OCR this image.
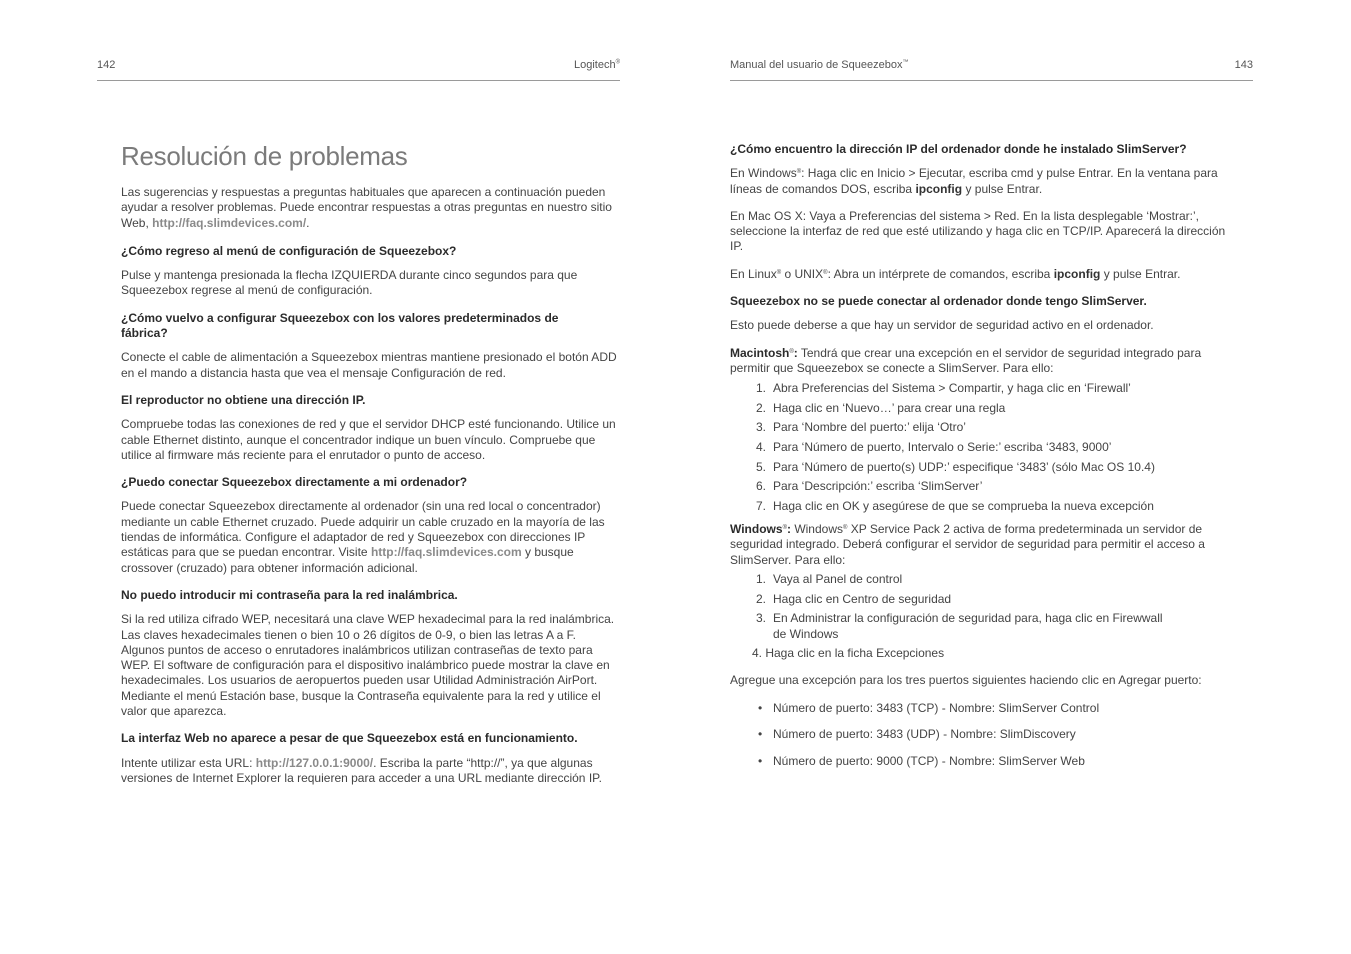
142	Logitech®
Resolución de problemas

Las sugerencias y respuestas a preguntas habituales que aparecen a continuación pueden ayudar a resolver problemas. Puede encontrar respuestas a otras preguntas en nuestro sitio Web, http://faq.slimdevices.com/.

¿Cómo regreso al menú de configuración de Squeezebox?

Pulse y mantenga presionada la flecha IZQUIERDA durante cinco segundos para que Squeezebox regrese al menú de configuración.

¿Cómo vuelvo a configurar Squeezebox con los valores predeterminados de fábrica?

Conecte el cable de alimentación a Squeezebox mientras mantiene presionado el botón ADD en el mando a distancia hasta que vea el mensaje Configuración de red.

El reproductor no obtiene una dirección IP.

Compruebe todas las conexiones de red y que el servidor DHCP esté funcionando. Utilice un cable Ethernet distinto, aunque el concentrador indique un buen vínculo. Compruebe que utilice al firmware más reciente para el enrutador o punto de acceso.

¿Puedo conectar Squeezebox directamente a mi ordenador?

Puede conectar Squeezebox directamente al ordenador (sin una red local o concentrador) mediante un cable Ethernet cruzado. Puede adquirir un cable cruzado en la mayoría de las tiendas de informática. Configure el adaptador de red y Squeezebox con direcciones IP estáticas para que se puedan encontrar. Visite http://faq.slimdevices.com y busque crossover (cruzado) para obtener información adicional.

No puedo introducir mi contraseña para la red inalámbrica.

Si la red utiliza cifrado WEP, necesitará una clave WEP hexadecimal para la red inalámbrica. Las claves hexadecimales tienen o bien 10 o 26 dígitos de 0-9, o bien las letras A a F. Algunos puntos de acceso o enrutadores inalámbricos utilizan contraseñas de texto para WEP. El software de configuración para el dispositivo inalámbrico puede mostrar la clave en hexadecimales. Los usuarios de aeropuertos pueden usar Utilidad Administración AirPort. Mediante el menú Estación base, busque la Contraseña equivalente para la red y utilice el valor que aparezca.

La interfaz Web no aparece a pesar de que Squeezebox está en funcionamiento.

Intente utilizar esta URL: http://127.0.0.1:9000/. Escriba la parte “http://”, ya que algunas versiones de Internet Explorer la requieren para acceder a una URL mediante dirección IP.

Manual del usuario de Squeezebox™	143

¿Cómo encuentro la dirección IP del ordenador donde he instalado SlimServer?

En Windows®: Haga clic en Inicio > Ejecutar, escriba cmd y pulse Entrar. En la ventana para líneas de comandos DOS, escriba ipconfig y pulse Entrar.

En Mac OS X: Vaya a Preferencias del sistema > Red. En la lista desplegable ‘Mostrar:’, seleccione la interfaz de red que esté utilizando y haga clic en TCP/IP. Aparecerá la dirección IP.

En Linux® o UNIX®: Abra un intérprete de comandos, escriba ipconfig y pulse Entrar.

Squeezebox no se puede conectar al ordenador donde tengo SlimServer.

Esto puede deberse a que hay un servidor de seguridad activo en el ordenador.

Macintosh®: Tendrá que crear una excepción en el servidor de seguridad integrado para permitir que Squeezebox se conecte a SlimServer. Para ello:

1. Abra Preferencias del Sistema > Compartir, y haga clic en ‘Firewall’
2. Haga clic en ‘Nuevo…’ para crear una regla
3. Para ‘Nombre del puerto:’ elija ‘Otro’
4. Para ‘Número de puerto, Intervalo o Serie:’ escriba ‘3483, 9000’
5. Para ‘Número de puerto(s) UDP:’ especifique ‘3483’ (sólo Mac OS 10.4)
6. Para ‘Descripción:’ escriba ‘SlimServer’
7. Haga clic en OK y asegúrese de que se comprueba la nueva excepción

Windows®: Windows® XP Service Pack 2 activa de forma predeterminada un servidor de seguridad integrado. Deberá configurar el servidor de seguridad para permitir el acceso a SlimServer. Para ello:

1. Vaya al Panel de control
2. Haga clic en Centro de seguridad
3. En Administrar la configuración de seguridad para, haga clic en Firewwall de Windows

4. Haga clic en la ficha Excepciones

Agregue una excepción para los tres puertos siguientes haciendo clic en Agregar puerto:

• Número de puerto: 3483 (TCP) - Nombre: SlimServer Control
• Número de puerto: 3483 (UDP) - Nombre: SlimDiscovery
• Número de puerto: 9000 (TCP) - Nombre: SlimServer Web
